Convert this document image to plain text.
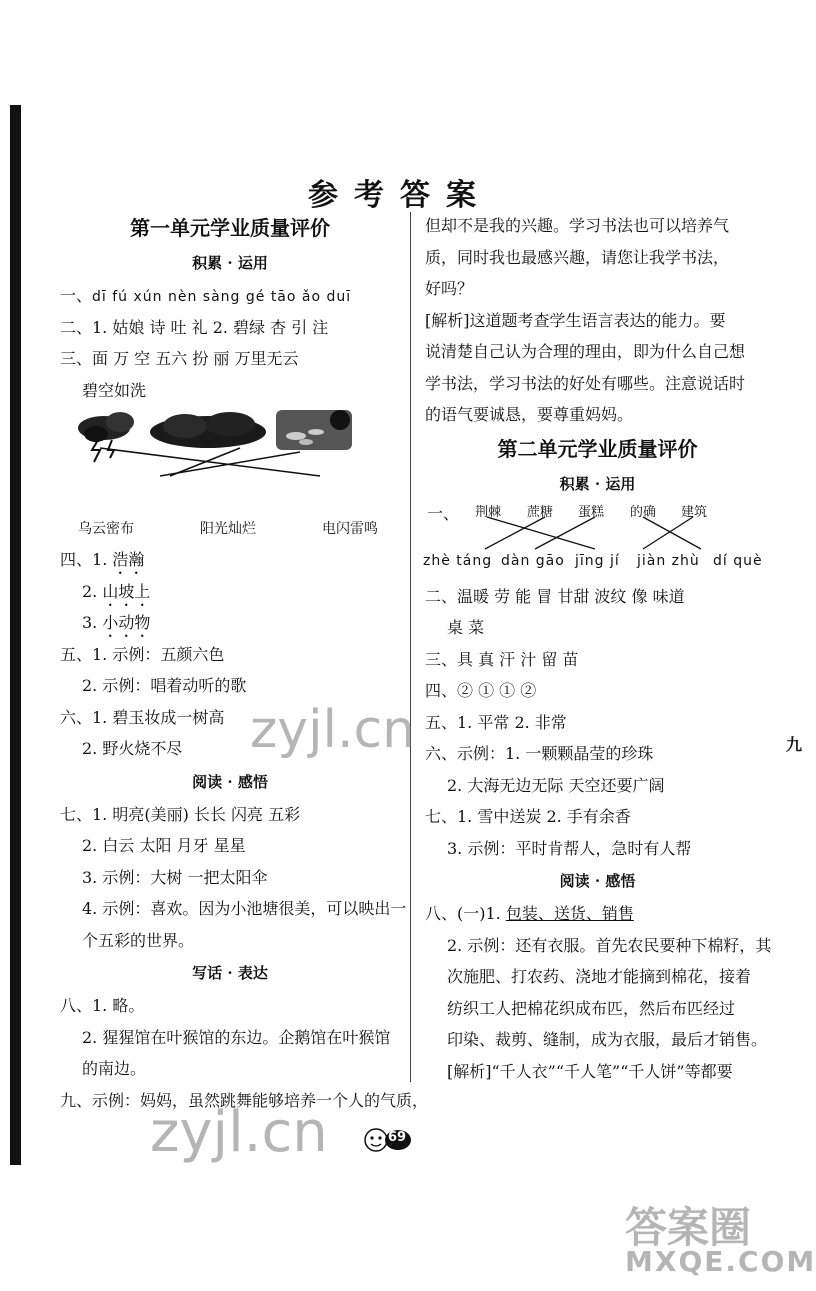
参考答案
第一单元学业质量评价
积累 · 运用
一、dī fú xún nèn sàng gé tāo ǎo duī
二、1. 姑娘 诗 吐 礼 2. 碧绿 杏 引 注
三、面 万 空 五六 扮 丽 万里无云
碧空如洗
乌云密布	阳光灿烂	电闪雷鸣
四、1. 浩瀚
2. 山坡上
3. 小动物
五、1. 示例：五颜六色
2. 示例：唱着动听的歌
六、1. 碧玉妆成一树高
2. 野火烧不尽
阅读 · 感悟
七、1. 明亮(美丽) 长长 闪亮 五彩
2. 白云 太阳 月牙 星星
3. 示例：大树 一把太阳伞
4. 示例：喜欢。因为小池塘很美，可以映出一
个五彩的世界。
写话 · 表达
八、1. 略。
2. 猩猩馆在叶猴馆的东边。企鹅馆在叶猴馆
的南边。
九、示例：妈妈，虽然跳舞能够培养一个人的气质，
但却不是我的兴趣。学习书法也可以培养气
质，同时我也最感兴趣，请您让我学书法，
好吗？
[解析]这道题考查学生语言表达的能力。要
说清楚自己认为合理的理由，即为什么自己想
学书法，学习书法的好处有哪些。注意说话时
的语气要诚恳，要尊重妈妈。
第二单元学业质量评价
积累 · 运用
一、 荆棘 蔗糖 蛋糕 的确 建筑
zhè táng dàn gāo jīng jí jiàn zhù dí què
二、温暖 劳 能 冒 甘甜 波纹 像 味道
桌 菜
三、具 真 汗 汁 留 苗
四、② ① ① ②
五、1. 平常 2. 非常
六、示例：1. 一颗颗晶莹的珍珠
2. 大海无边无际 天空还要广阔
七、1. 雪中送炭 2. 手有余香
3. 示例：平时肯帮人，急时有人帮
阅读 · 感悟
八、(一)1. 包装、送货、销售
2. 示例：还有衣服。首先农民要种下棉籽，其
次施肥、打农药、浇地才能摘到棉花，接着
纺织工人把棉花织成布匹，然后布匹经过
印染、裁剪、缝制，成为衣服，最后才销售。
[解析]“千人衣”“千人笔”“千人饼”等都要
九
69
zyjl.cn
zyjl.cn
答案圈
MXQE.COM
